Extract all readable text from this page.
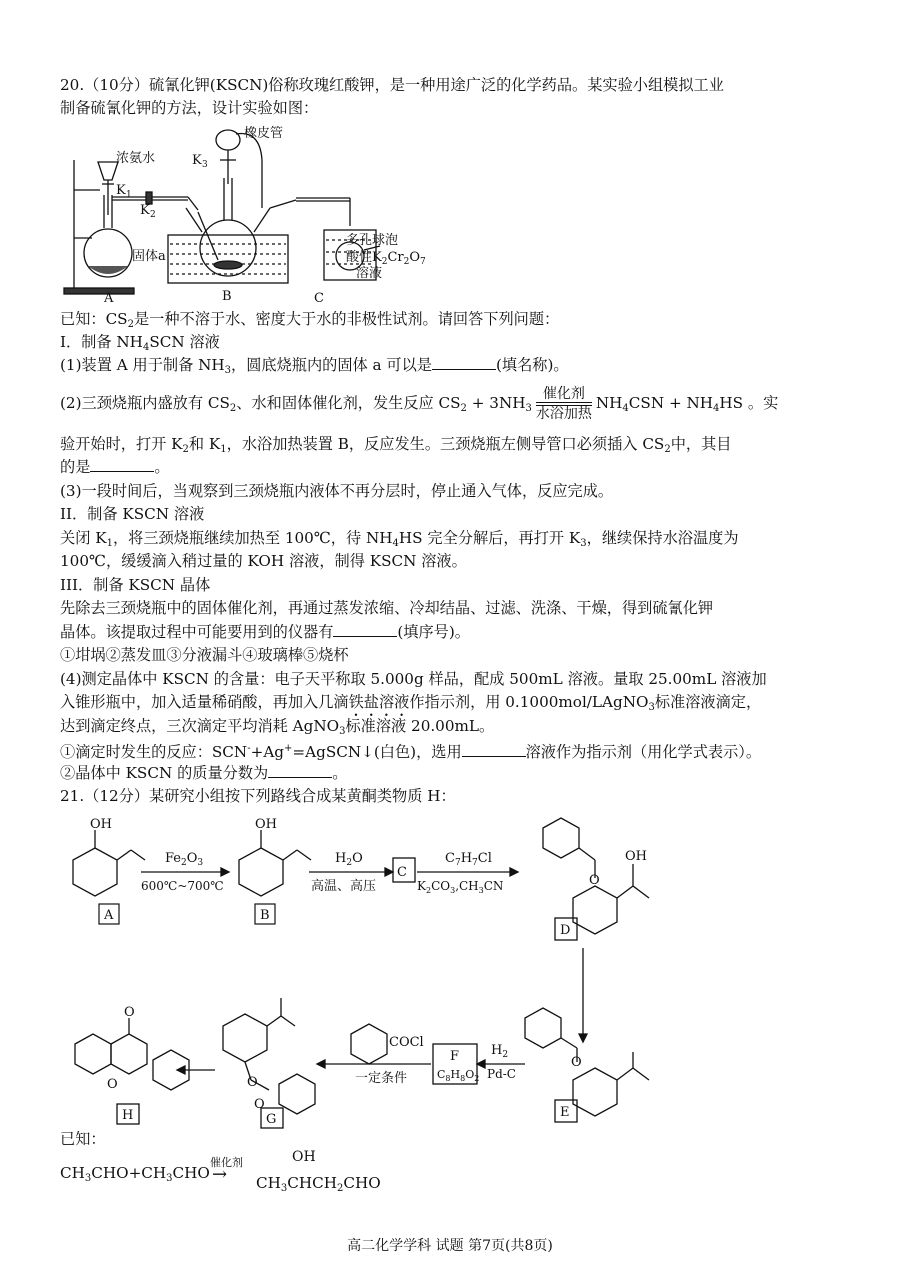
20.（10分）硫氰化钾(KSCN)俗称玫瑰红酸钾，是一种用途广泛的化学药品。某实验小组模拟工业
制备硫氰化钾的方法，设计实验如图：
浓氨水
K 1
K 2
K 3
橡皮管
固体a
多孔球泡
酸性$K_2Cr_2O_7$
溶液
A	B	C
已知：$CS_2$是一种不溶于水、密度大于水的非极性试剂。请回答下列问题：
I．制备 $NH_4SCN$ 溶液
(1)装置 A 用于制备 $NH_3$，圆底烧瓶内的固体 a 可以是	(填名称)。
(2)三颈烧瓶内盛放有 $CS_2$、水和固体催化剂，发生反应 $CS_2 + 3NH_3 \frac{\text{催化剂}}{\text{水浴加热}} NH_4CSN + NH_4HS$ 。实
验开始时，打开 $K_2$和 $K_1$，水浴加热装置 B，反应发生。三颈烧瓶左侧导管口必须插入 $CS_2$中，其目
的是	。
(3)一段时间后，当观察到三颈烧瓶内液体不再分层时，停止通入气体，反应完成。
II．制备 KSCN 溶液
关闭 $K_1$，将三颈烧瓶继续加热至 100℃，待 $NH_4HS$ 完全分解后，再打开 $K_3$，继续保持水浴温度为
100℃，缓缓滴入稍过量的 KOH 溶液，制得 KSCN 溶液。
III．制备 KSCN 晶体
先除去三颈烧瓶中的固体催化剂，再通过蒸发浓缩、冷却结晶、过滤、洗涤、干燥，得到硫氰化钾
晶体。该提取过程中可能要用到的仪器有	(填序号)。
①坩埚②蒸发皿③分液漏斗④玻璃棒⑤烧杯
(4)测定晶体中 KSCN 的含量：电子天平称取 5.000g 样品，配成 500mL 溶液。量取 25.00mL 溶液加
入锥形瓶中，加入适量稀硝酸，再加入几滴铁盐溶液作指示剂，用 0.1000mol/LAgNO$_3$标准溶液滴定，
达到滴定终点，三次滴定平均消耗 AgNO$_3$标准溶液 20.00mL。
①滴定时发生的反应：SCN-+Ag+=AgSCN↓(白色)，选用	溶液作为指示剂（用化学式表示）。
②晶体中 KSCN 的质量分数为	。
21.（12分）某研究小组按下列路线合成某黄酮类物质 H：
OH	OH
$Fe_2O_3$
600℃~700℃
$H_2O$
高温、高压
C
$C_7H_7Cl$
$K_2CO_3,CH_3CN$	O
OH
A	B
D
O
E
$H_2$
Pd-C
F
$C_8H_8O_2$
COCl
一定条件
O
O
G
O
O
H
已知：
$CH_3CHO+CH_3CHO$
催化剂
→
OH
$CH_3CHCH_2CHO$
高二化学学科 试题 第7页(共8页)
